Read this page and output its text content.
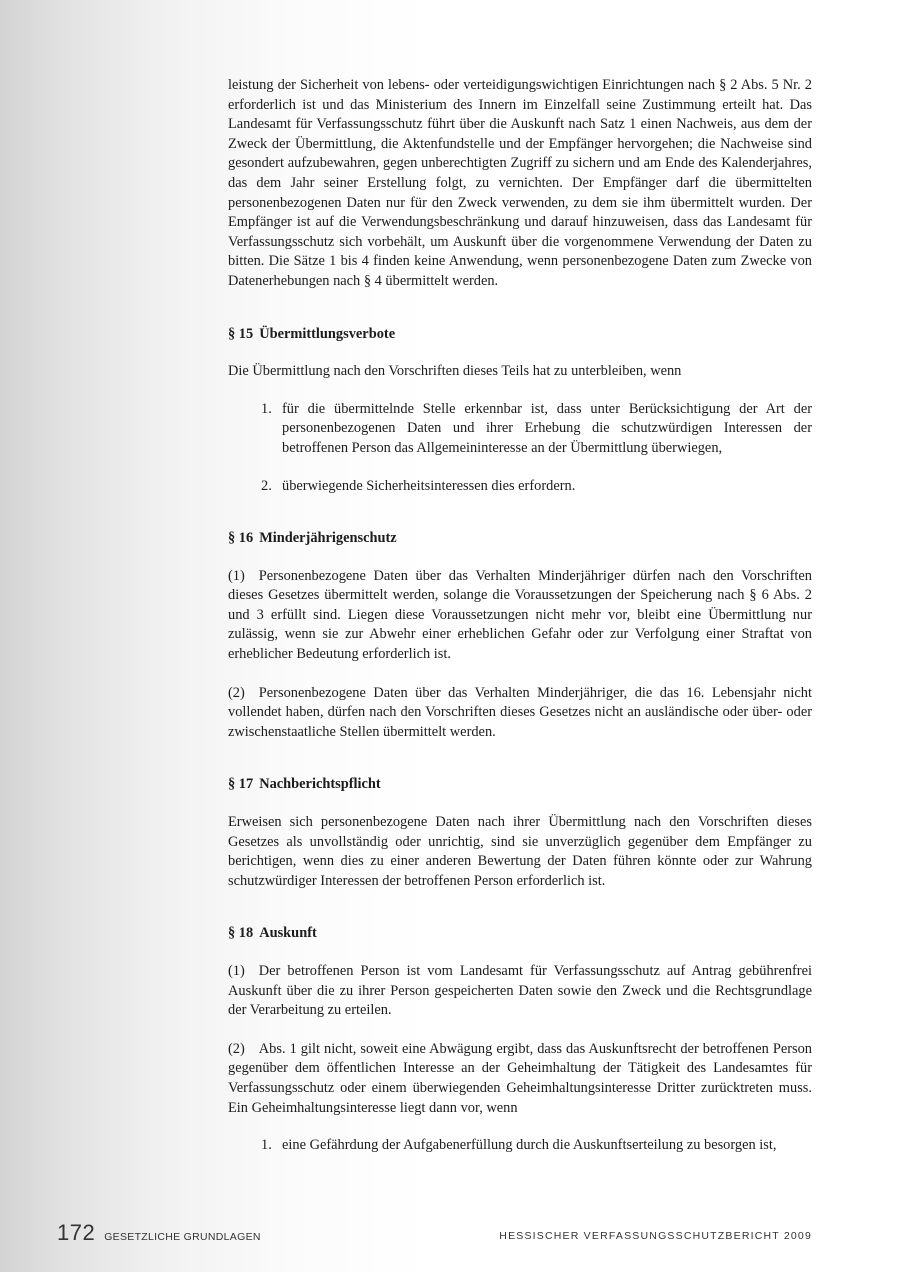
leistung der Sicherheit von lebens- oder verteidigungswichtigen Einrichtungen nach § 2 Abs. 5 Nr. 2 erforderlich ist und das Ministerium des Innern im Einzelfall seine Zustimmung erteilt hat. Das Landesamt für Verfassungsschutz führt über die Auskunft nach Satz 1 einen Nachweis, aus dem der Zweck der Übermittlung, die Aktenfundstelle und der Empfänger hervorgehen; die Nachweise sind gesondert aufzubewahren, gegen unberechtigten Zugriff zu sichern und am Ende des Kalenderjahres, das dem Jahr seiner Erstellung folgt, zu vernichten. Der Empfänger darf die übermittelten personenbezogenen Daten nur für den Zweck verwenden, zu dem sie ihm übermittelt wurden. Der Empfänger ist auf die Verwendungsbeschränkung und darauf hinzuweisen, dass das Landesamt für Verfassungsschutz sich vorbehält, um Auskunft über die vorgenommene Verwendung der Daten zu bitten. Die Sätze 1 bis 4 finden keine Anwendung, wenn personenbezogene Daten zum Zwecke von Datenerhebungen nach § 4 übermittelt werden.

§ 15 Übermittlungsverbote

Die Übermittlung nach den Vorschriften dieses Teils hat zu unterbleiben, wenn

1. für die übermittelnde Stelle erkennbar ist, dass unter Berücksichtigung der Art der personenbezogenen Daten und ihrer Erhebung die schutzwürdigen Interessen der betroffenen Person das Allgemeininteresse an der Übermittlung überwiegen,
2. überwiegende Sicherheitsinteressen dies erfordern.
§ 16 Minderjährigenschutz

(1) Personenbezogene Daten über das Verhalten Minderjähriger dürfen nach den Vorschriften dieses Gesetzes übermittelt werden, solange die Voraussetzungen der Speicherung nach § 6 Abs. 2 und 3 erfüllt sind. Liegen diese Voraussetzungen nicht mehr vor, bleibt eine Übermittlung nur zulässig, wenn sie zur Abwehr einer erheblichen Gefahr oder zur Verfolgung einer Straftat von erheblicher Bedeutung erforderlich ist.

(2) Personenbezogene Daten über das Verhalten Minderjähriger, die das 16. Lebensjahr nicht vollendet haben, dürfen nach den Vorschriften dieses Gesetzes nicht an ausländische oder über- oder zwischenstaatliche Stellen übermittelt werden.

§ 17 Nachberichtspflicht

Erweisen sich personenbezogene Daten nach ihrer Übermittlung nach den Vorschriften dieses Gesetzes als unvollständig oder unrichtig, sind sie unverzüglich gegenüber dem Empfänger zu berichtigen, wenn dies zu einer anderen Bewertung der Daten führen könnte oder zur Wahrung schutzwürdiger Interessen der betroffenen Person erforderlich ist.

§ 18 Auskunft

(1) Der betroffenen Person ist vom Landesamt für Verfassungsschutz auf Antrag gebührenfrei Auskunft über die zu ihrer Person gespeicherten Daten sowie den Zweck und die Rechtsgrundlage der Verarbeitung zu erteilen.

(2) Abs. 1 gilt nicht, soweit eine Abwägung ergibt, dass das Auskunftsrecht der betroffenen Person gegenüber dem öffentlichen Interesse an der Geheimhaltung der Tätigkeit des Landesamtes für Verfassungsschutz oder einem überwiegenden Geheimhaltungsinteresse Dritter zurücktreten muss. Ein Geheimhaltungsinteresse liegt dann vor, wenn

1. eine Gefährdung der Aufgabenerfüllung durch die Auskunftserteilung zu besorgen ist,
172 GESETZLICHE GRUNDLAGEN	HESSISCHER VERFASSUNGSSCHUTZBERICHT 2009
